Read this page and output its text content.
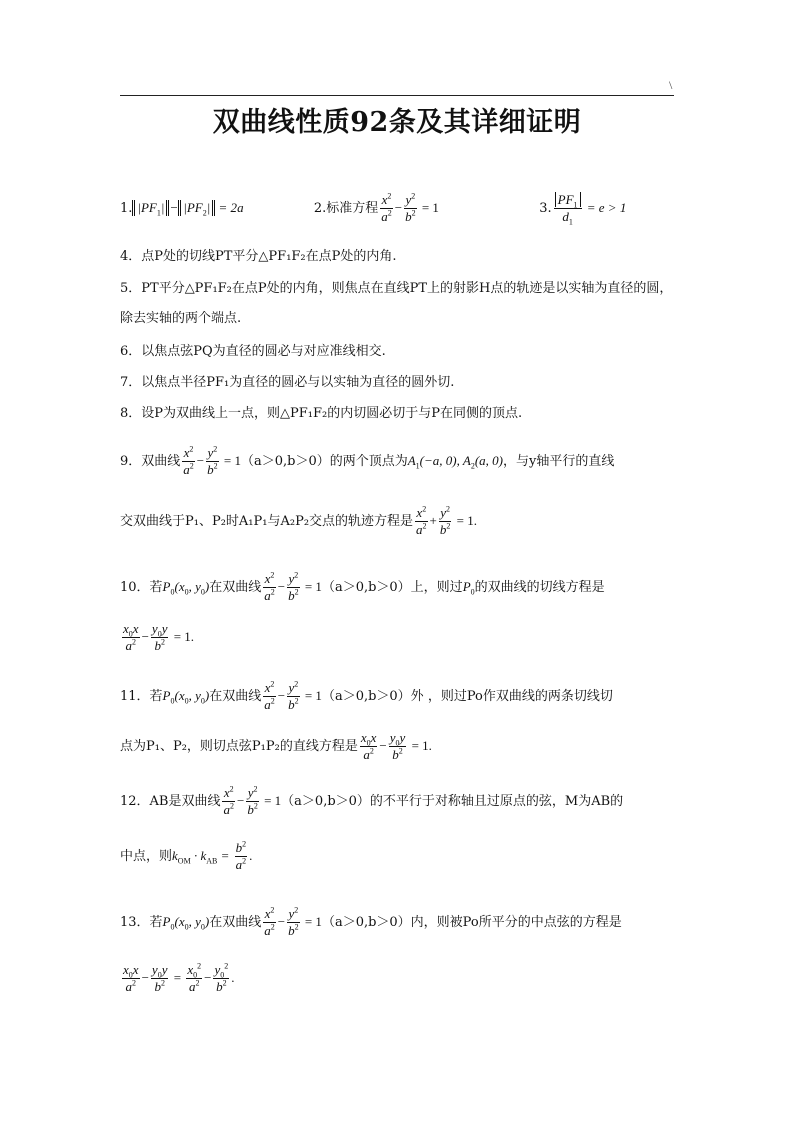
\
双曲线性质92条及其详细证明
1. $|PF_1| - |PF_2| = 2a$	2.标准方程 $\frac{x^2}{a^2} - \frac{y^2}{b^2} = 1$	3. $\frac{PF_1}{d_1} = e > 1$
4．点P处的切线PT平分△PF₁F₂在点P处的内角.
5．PT平分△PF₁F₂在点P处的内角，则焦点在直线PT上的射影H点的轨迹是以实轴为直径的圆，除去实轴的两个端点.
6．以焦点弦PQ为直径的圆必与对应准线相交.
7．以焦点半径PF₁为直径的圆必与以实轴为直径的圆外切.
8．设P为双曲线上一点，则△PF₁F₂的内切圆必切于与P在同侧的顶点.
9．双曲线 $\frac{x^2}{a^2} - \frac{y^2}{b^2} = 1(a>0,b>0)$的两个顶点为$A_1(-a$, 0), $A_2(a$, 0)，与y轴平行的直线
交双曲线于P₁、P₂时A₁P₁与A₂P₂交点的轨迹方程是 $\frac{x^2}{a^2} + \frac{y^2}{b^2} = 1$.
10．若$P_0(x_0$, $y_0$)在双曲线 $\frac{x^2}{a^2} - \frac{y^2}{b^2} = 1(a>0,b>0)$上，则过$P_0$的双曲线的切线方程是
$\frac{x_0x}{a^2} - \frac{y_0y}{b^2} = 1$.
11．若$P_0(x_0$, $y_0$)在双曲线 $\frac{x^2}{a^2} - \frac{y^2}{b^2} = 1(a>0,b>0)$外 ，则过Po作双曲线的两条切线切
点为P₁、P₂，则切点弦P₁P₂的直线方程是 $\frac{x_0x}{a^2} - \frac{y_0y}{b^2} = 1$.
12．AB是双曲线 $\frac{x^2}{a^2} - \frac{y^2}{b^2} = 1(a>0,b>0)$的不平行于对称轴且过原点的弦，M为AB的
中点，则$k_{OM} \cdot k_{AB} = \frac{b^2}{a^2}$ .
13．若$P_0(x_0$, $y_0$)在双曲线 $\frac{x^2}{a^2} - \frac{y^2}{b^2} = 1(a>0,b>0)$内，则被Po所平分的中点弦的方程是
$\frac{x_0x}{a^2} - \frac{y_0y}{b^2} = \frac{x_0^2}{a^2} - \frac{y_0^2}{b^2}$ .
